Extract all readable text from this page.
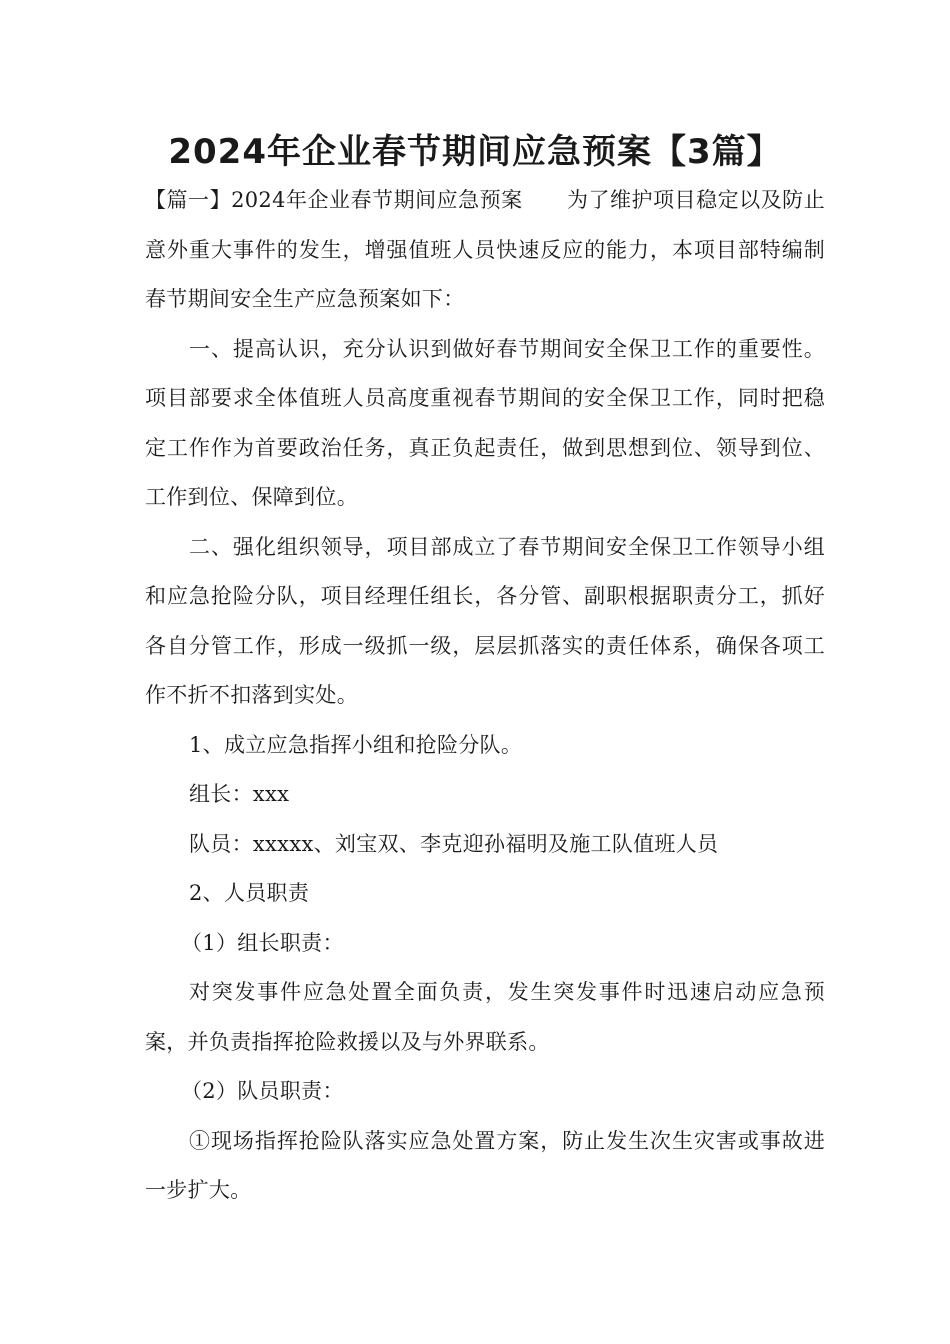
2024年企业春节期间应急预案【3篇】

【篇一】2024年企业春节期间应急预案 为了维护项目稳定以及防止意外重大事件的发生，增强值班人员快速反应的能力，本项目部特编制春节期间安全生产应急预案如下：

一、提高认识，充分认识到做好春节期间安全保卫工作的重要性。项目部要求全体值班人员高度重视春节期间的安全保卫工作，同时把稳定工作作为首要政治任务，真正负起责任，做到思想到位、领导到位、工作到位、保障到位。

二、强化组织领导，项目部成立了春节期间安全保卫工作领导小组和应急抢险分队，项目经理任组长，各分管、副职根据职责分工，抓好各自分管工作，形成一级抓一级，层层抓落实的责任体系，确保各项工作不折不扣落到实处。

1、成立应急指挥小组和抢险分队。

组长：xxx

队员：xxxxx、刘宝双、李克迎孙福明及施工队值班人员

2、人员职责

（1）组长职责：

对突发事件应急处置全面负责，发生突发事件时迅速启动应急预案，并负责指挥抢险救援以及与外界联系。

（2）队员职责：

①现场指挥抢险队落实应急处置方案，防止发生次生灾害或事故进一步扩大。
